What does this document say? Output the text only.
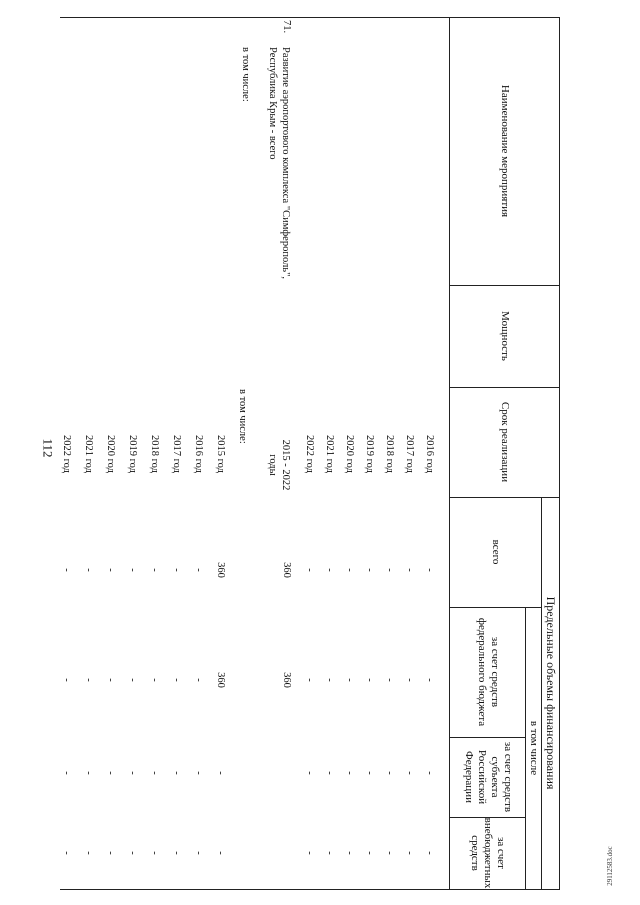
112
29112583.doc
Наименование мероприятия
Мощность
Срок реализации
Предельные объемы финансирования
всего
в том числе
за счет средств федерального бюджета
за счет средств субъекта Российской Федерации
за счет внебюджетных средств
2016 год
-
-
-
-
2017 год
-
-
-
-
2018 год
-
-
-
-
2019 год
-
-
-
-
2020 год
-
-
-
-
2021 год
-
-
-
-
2022 год
-
-
-
-
71.
Развитие аэропортового комплекса "Симферополь", Республика Крым - всего
2015 - 2022 годы
360
360
в том числе:
2015 год
360
360
-
-
2016 год
-
-
-
-
2017 год
-
-
-
-
2018 год
-
-
-
-
2019 год
-
-
-
-
2020 год
-
-
-
-
2021 год
-
-
-
-
2022 год
-
-
-
-
в том числе:
